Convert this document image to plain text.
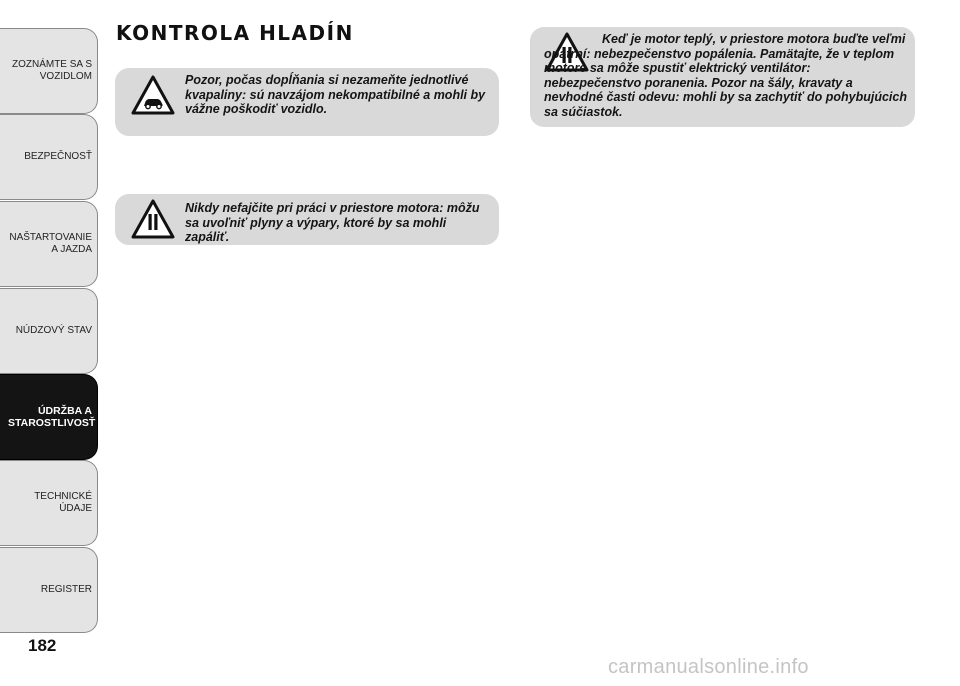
ZOZNÁMTE SA S VOZIDLOM
BEZPEČNOSŤ
NAŠTARTOVANIE A JAZDA
NÚDZOVÝ STAV
ÚDRŽBA A STAROSTLIVOSŤ
TECHNICKÉ ÚDAJE
REGISTER
182
KONTROLA HLADÍN
Pozor, počas dopĺňania si nezameňte jednotlivé kvapaliny: sú navzájom nekompatibilné a mohli by vážne poškodiť vozidlo.
Nikdy nefajčite pri práci v priestore motora: môžu sa uvoľniť plyny a výpary, ktoré by sa mohli zapáliť.
Keď je motor teplý, v priestore motora buďte veľmi opatrní: nebezpečenstvo popálenia. Pamätajte, že v teplom motore sa môže spustiť elektrický ventilátor: nebezpečenstvo poranenia. Pozor na šály, kravaty a nevhodné časti odevu: mohli by sa zachytiť do pohybujúcich sa súčiastok.
carmanualsonline.info
